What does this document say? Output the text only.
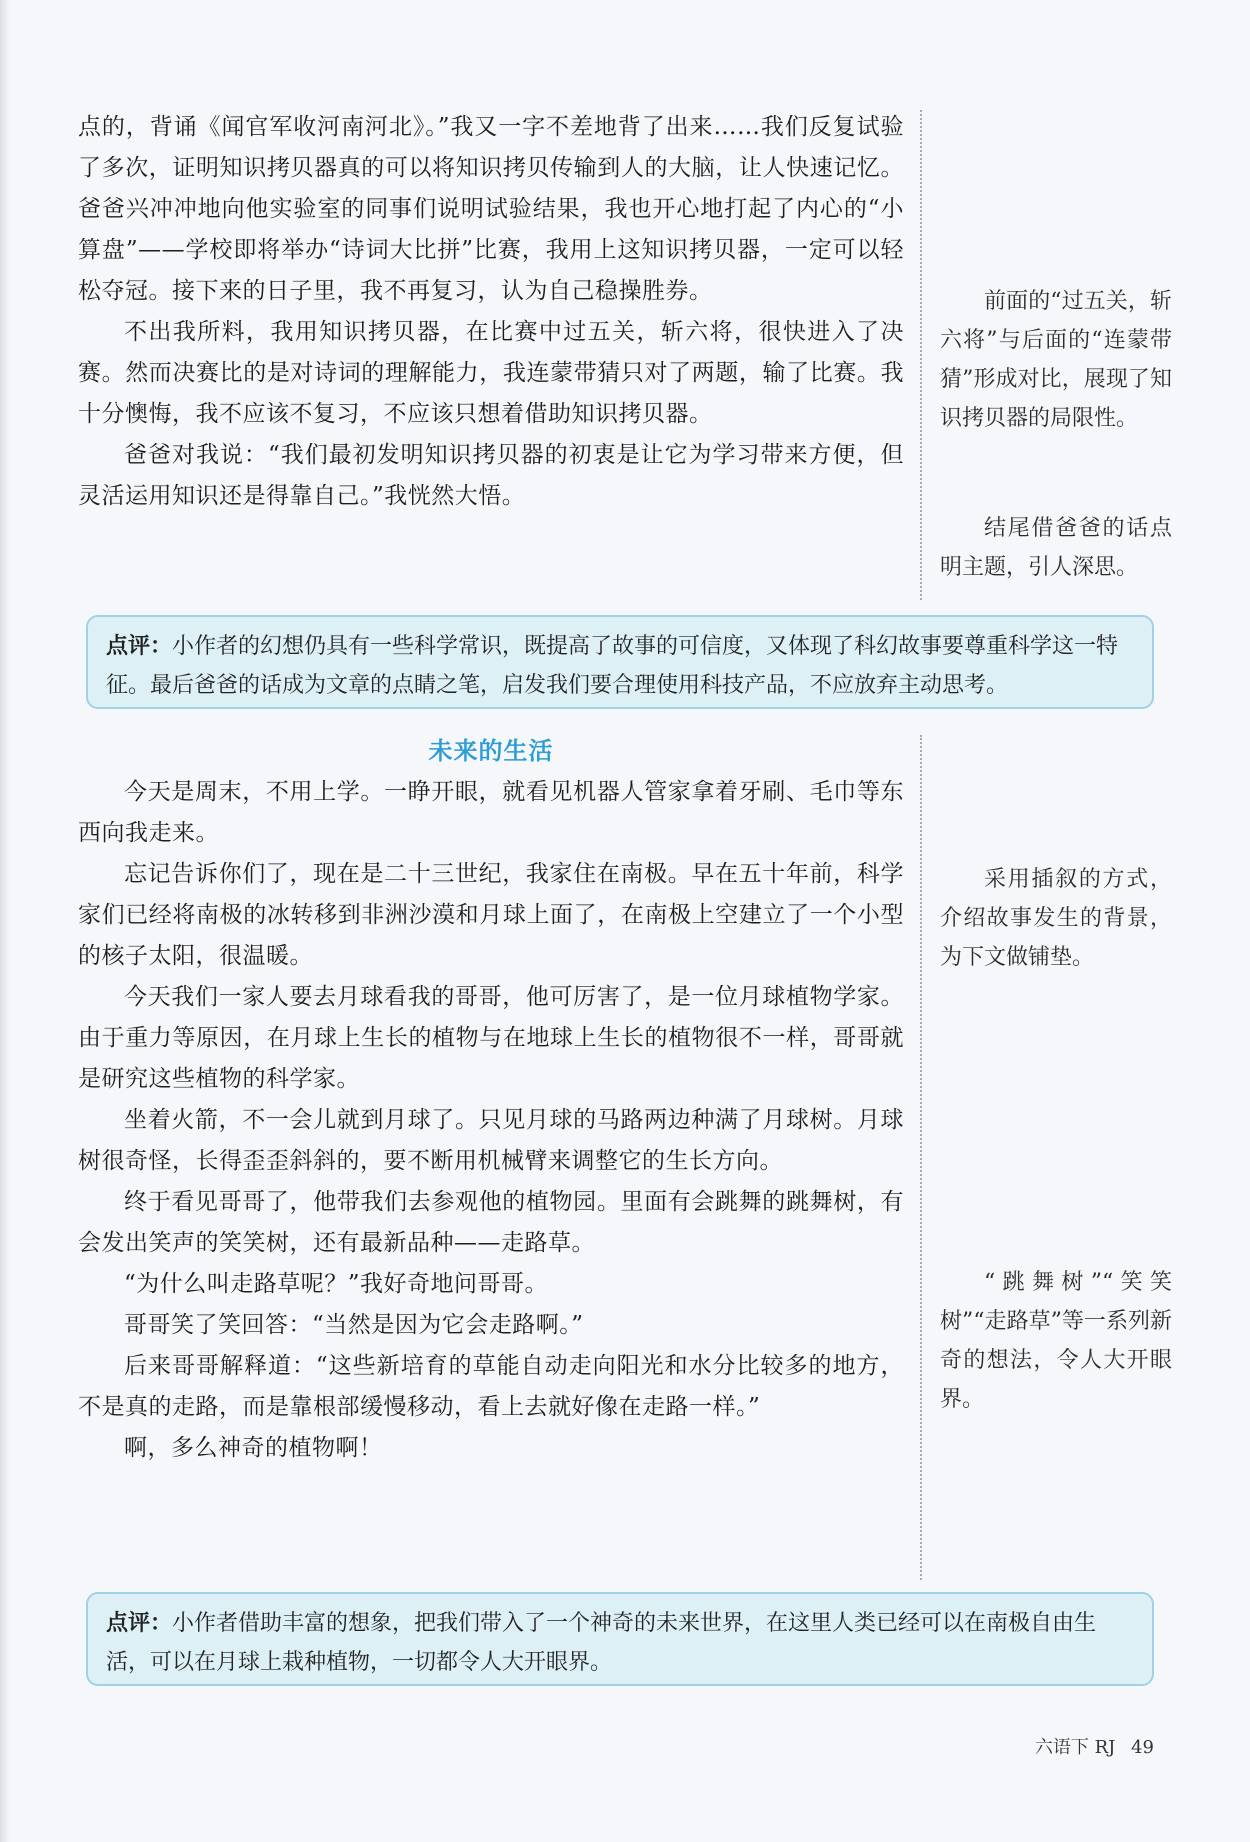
点的，背诵《闻官军收河南河北》。”我又一字不差地背了出来……我们反复试验了多次，证明知识拷贝器真的可以将知识拷贝传输到人的大脑，让人快速记忆。爸爸兴冲冲地向他实验室的同事们说明试验结果，我也开心地打起了内心的“小算盘”——学校即将举办“诗词大比拼”比赛，我用上这知识拷贝器，一定可以轻松夺冠。接下来的日子里，我不再复习，认为自己稳操胜券。

不出我所料，我用知识拷贝器，在比赛中过五关，斩六将，很快进入了决赛。然而决赛比的是对诗词的理解能力，我连蒙带猜只对了两题，输了比赛。我十分懊悔，我不应该不复习，不应该只想着借助知识拷贝器。

爸爸对我说：“我们最初发明知识拷贝器的初衷是让它为学习带来方便，但灵活运用知识还是得靠自己。”我恍然大悟。

前面的“过五关，斩六将”与后面的“连蒙带猜”形成对比，展现了知识拷贝器的局限性。

结尾借爸爸的话点明主题，引人深思。

点评：小作者的幻想仍具有一些科学常识，既提高了故事的可信度，又体现了科幻故事要尊重科学这一特征。最后爸爸的话成为文章的点睛之笔，启发我们要合理使用科技产品，不应放弃主动思考。
未来的生活

今天是周末，不用上学。一睁开眼，就看见机器人管家拿着牙刷、毛巾等东西向我走来。

忘记告诉你们了，现在是二十三世纪，我家住在南极。早在五十年前，科学家们已经将南极的冰转移到非洲沙漠和月球上面了，在南极上空建立了一个小型的核子太阳，很温暖。

今天我们一家人要去月球看我的哥哥，他可厉害了，是一位月球植物学家。由于重力等原因，在月球上生长的植物与在地球上生长的植物很不一样，哥哥就是研究这些植物的科学家。

坐着火箭，不一会儿就到月球了。只见月球的马路两边种满了月球树。月球树很奇怪，长得歪歪斜斜的，要不断用机械臂来调整它的生长方向。

终于看见哥哥了，他带我们去参观他的植物园。里面有会跳舞的跳舞树，有会发出笑声的笑笑树，还有最新品种——走路草。

“为什么叫走路草呢？”我好奇地问哥哥。

哥哥笑了笑回答：“当然是因为它会走路啊。”

后来哥哥解释道：“这些新培育的草能自动走向阳光和水分比较多的地方，不是真的走路，而是靠根部缓慢移动，看上去就好像在走路一样。”

啊，多么神奇的植物啊！

采用插叙的方式，介绍故事发生的背景，为下文做铺垫。

“跳舞树”“笑笑树”“走路草”等一系列新奇的想法，令人大开眼界。

点评：小作者借助丰富的想象，把我们带入了一个神奇的未来世界，在这里人类已经可以在南极自由生活，可以在月球上栽种植物，一切都令人大开眼界。
六语下 RJ 49
